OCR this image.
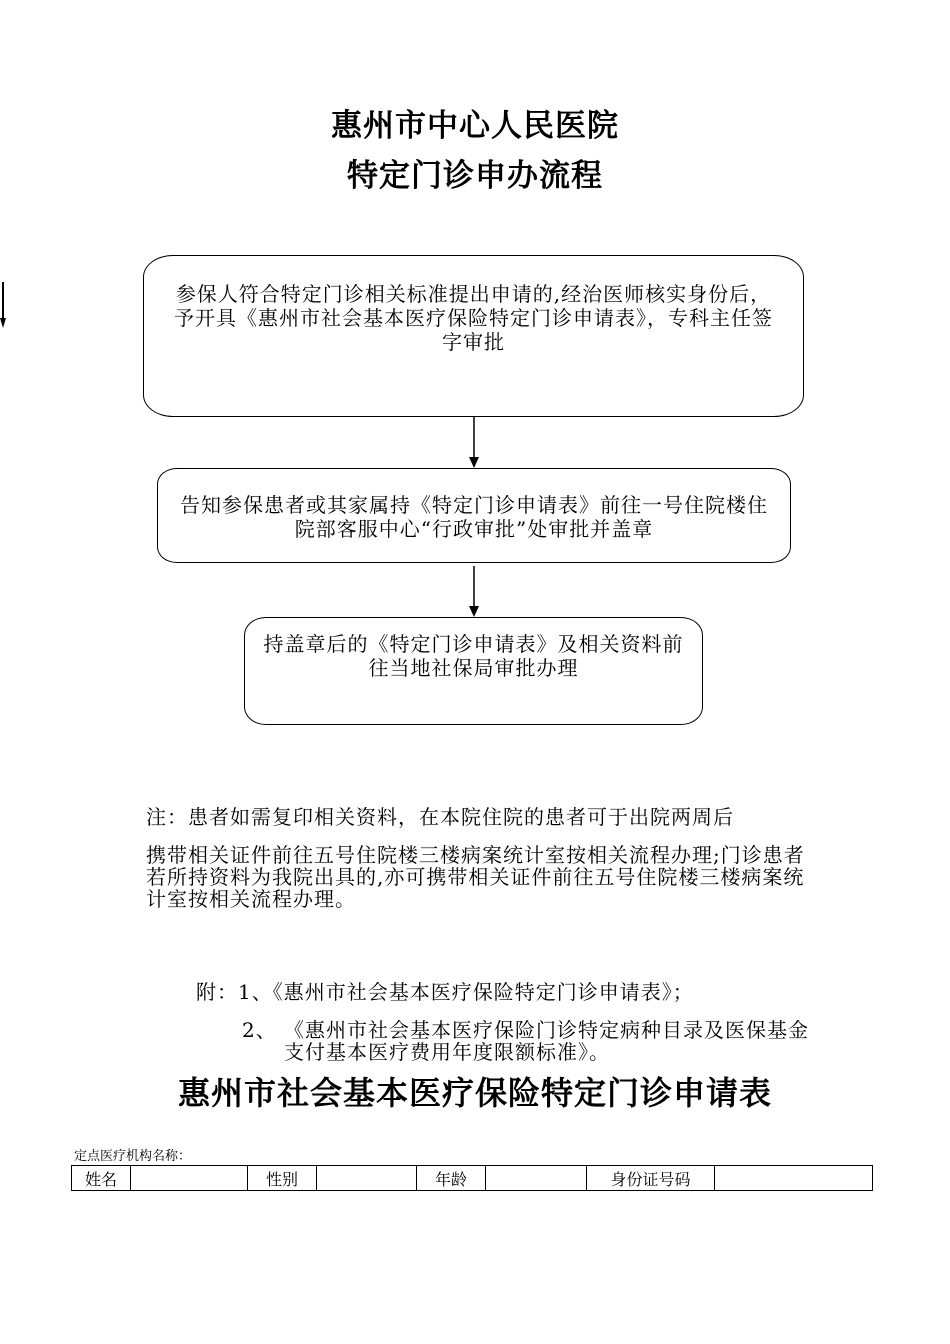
惠州市中心人民医院
特定门诊申办流程
参保人符合特定门诊相关标准提出申请的,经治医师核实身份后，予开具《惠州市社会基本医疗保险特定门诊申请表》，专科主任签字审批
告知参保患者或其家属持《特定门诊申请表》前往一号住院楼住院部客服中心“行政审批”处审批并盖章
持盖章后的《特定门诊申请表》及相关资料前往当地社保局审批办理
注：患者如需复印相关资料，在本院住院的患者可于出院两周后
携带相关证件前往五号住院楼三楼病案统计室按相关流程办理;门诊患者若所持资料为我院出具的,亦可携带相关证件前往五号住院楼三楼病案统计室按相关流程办理。
附：1、《惠州市社会基本医疗保险特定门诊申请表》；
2、 《惠州市社会基本医疗保险门诊特定病种目录及医保基金支付基本医疗费用年度限额标准》。
惠州市社会基本医疗保险特定门诊申请表
定点医疗机构名称：
姓名		性别		年龄		身份证号码	
